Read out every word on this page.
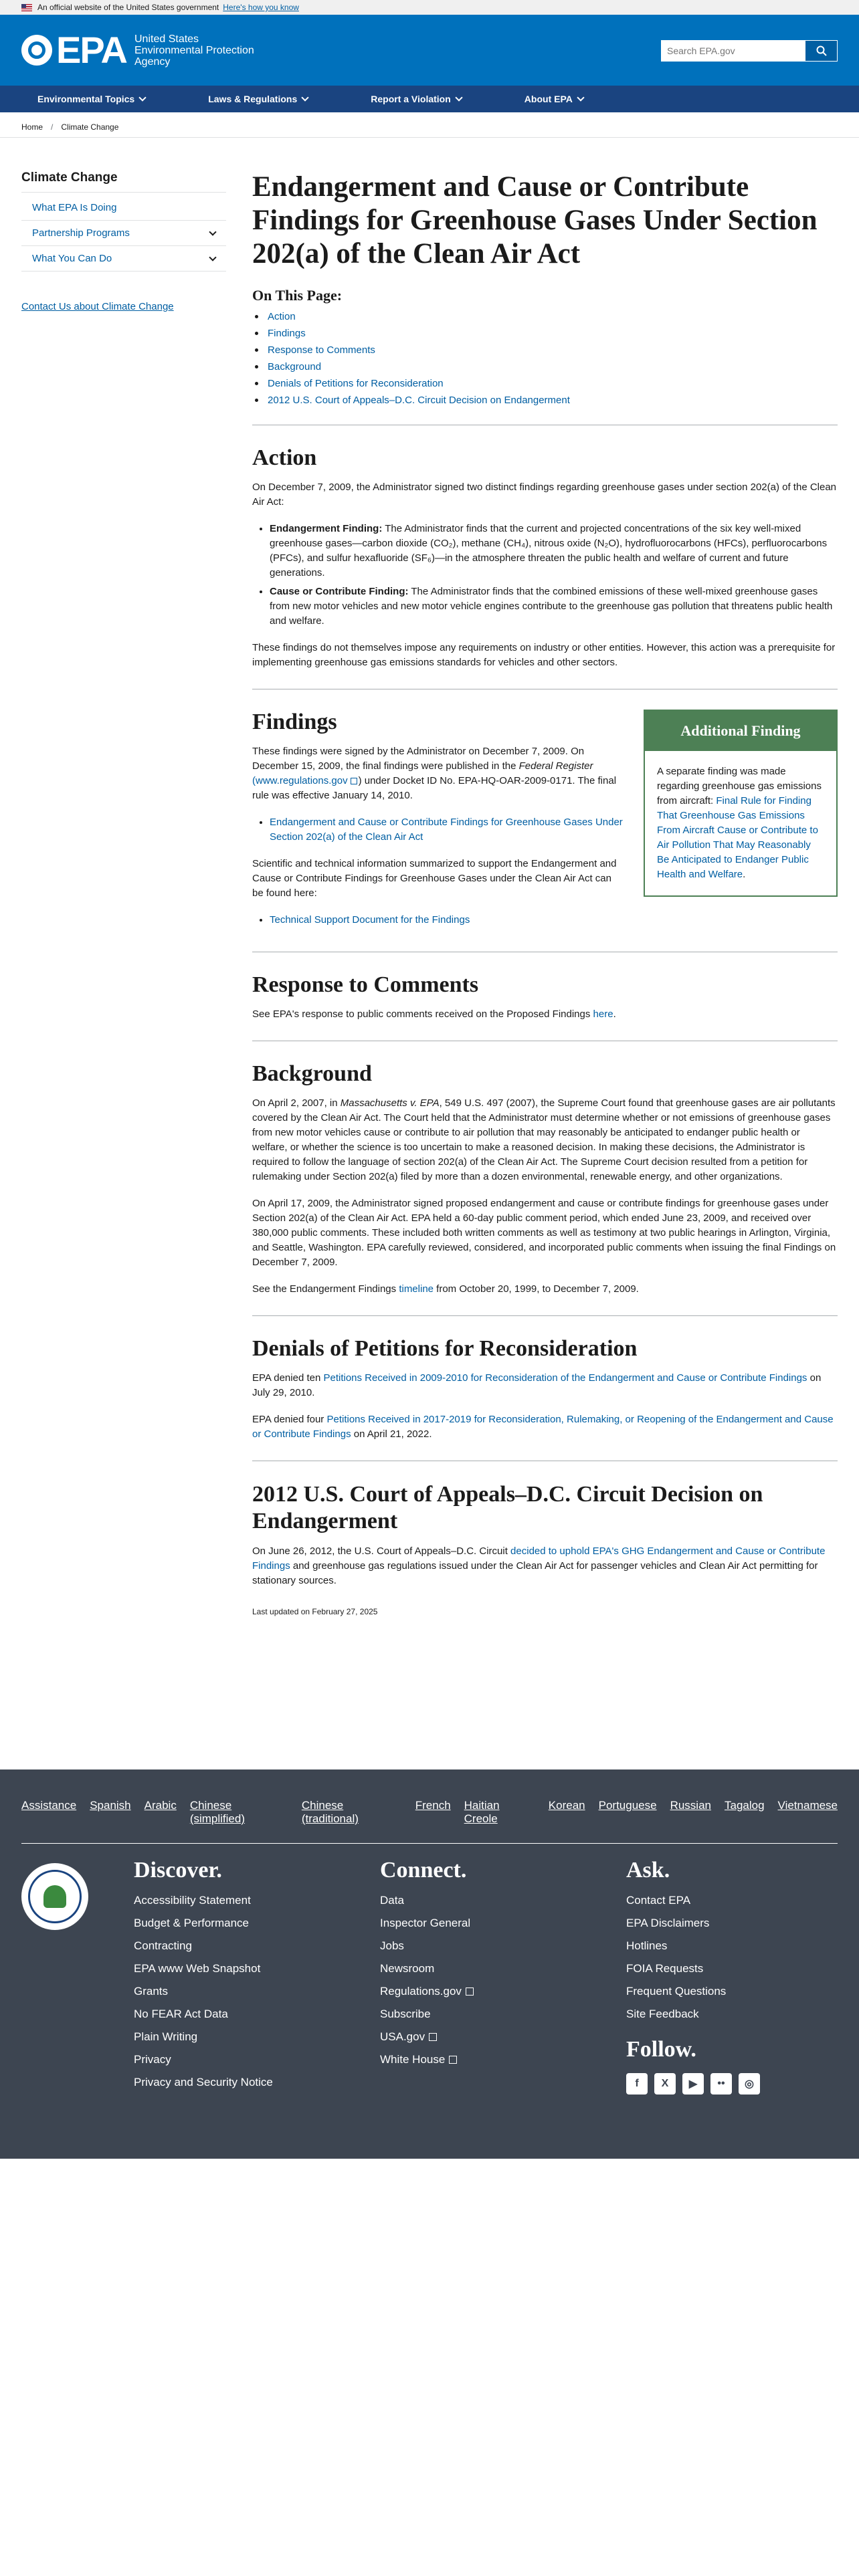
An official website of the United States government Here's how you know
EPA United States Environmental Protection Agency
Search EPA.gov
Environmental Topics	Laws & Regulations	Report a Violation	About EPA
Home / Climate Change
Climate Change
What EPA Is Doing
Partnership Programs
What You Can Do
Contact Us about Climate Change
Endangerment and Cause or Contribute Findings for Greenhouse Gases Under Section 202(a) of the Clean Air Act
On This Page:
Action
Findings
Response to Comments
Background
Denials of Petitions for Reconsideration
2012 U.S. Court of Appeals–D.C. Circuit Decision on Endangerment
Action

On December 7, 2009, the Administrator signed two distinct findings regarding greenhouse gases under section 202(a) of the Clean Air Act:

• Endangerment Finding: The Administrator finds that the current and projected concentrations of the six key well-mixed greenhouse gases—carbon dioxide (CO₂), methane (CH₄), nitrous oxide (N₂O), hydrofluorocarbons (HFCs), perfluorocarbons (PFCs), and sulfur hexafluoride (SF₆)—in the atmosphere threaten the public health and welfare of current and future generations.
• Cause or Contribute Finding: The Administrator finds that the combined emissions of these well-mixed greenhouse gases from new motor vehicles and new motor vehicle engines contribute to the greenhouse gas pollution that threatens public health and welfare.

These findings do not themselves impose any requirements on industry or other entities. However, this action was a prerequisite for implementing greenhouse gas emissions standards for vehicles and other sectors.

Findings

These findings were signed by the Administrator on December 7, 2009. On December 15, 2009, the final findings were published in the Federal Register (www.regulations.gov ) under Docket ID No. EPA-HQ-OAR-2009-0171. The final rule was effective January 14, 2010.

• Endangerment and Cause or Contribute Findings for Greenhouse Gases Under Section 202(a) of the Clean Air Act

Scientific and technical information summarized to support the Endangerment and Cause or Contribute Findings for Greenhouse Gases under the Clean Air Act can be found here:

• Technical Support Document for the Findings
Additional Finding
A separate finding was made regarding greenhouse gas emissions from aircraft: Final Rule for Finding That Greenhouse Gas Emissions From Aircraft Cause or Contribute to Air Pollution That May Reasonably Be Anticipated to Endanger Public Health and Welfare.
Response to Comments

See EPA's response to public comments received on the Proposed Findings here.

Background

On April 2, 2007, in Massachusetts v. EPA, 549 U.S. 497 (2007), the Supreme Court found that greenhouse gases are air pollutants covered by the Clean Air Act. The Court held that the Administrator must determine whether or not emissions of greenhouse gases from new motor vehicles cause or contribute to air pollution that may reasonably be anticipated to endanger public health or welfare, or whether the science is too uncertain to make a reasoned decision. In making these decisions, the Administrator is required to follow the language of section 202(a) of the Clean Air Act. The Supreme Court decision resulted from a petition for rulemaking under Section 202(a) filed by more than a dozen environmental, renewable energy, and other organizations.

On April 17, 2009, the Administrator signed proposed endangerment and cause or contribute findings for greenhouse gases under Section 202(a) of the Clean Air Act. EPA held a 60-day public comment period, which ended June 23, 2009, and received over 380,000 public comments. These included both written comments as well as testimony at two public hearings in Arlington, Virginia, and Seattle, Washington. EPA carefully reviewed, considered, and incorporated public comments when issuing the final Findings on December 7, 2009.

See the Endangerment Findings timeline from October 20, 1999, to December 7, 2009.

Denials of Petitions for Reconsideration

EPA denied ten Petitions Received in 2009-2010 for Reconsideration of the Endangerment and Cause or Contribute Findings on July 29, 2010.

EPA denied four Petitions Received in 2017-2019 for Reconsideration, Rulemaking, or Reopening of the Endangerment and Cause or Contribute Findings on April 21, 2022.

2012 U.S. Court of Appeals–D.C. Circuit Decision on Endangerment

On June 26, 2012, the U.S. Court of Appeals–D.C. Circuit decided to uphold EPA's GHG Endangerment and Cause or Contribute Findings and greenhouse gas regulations issued under the Clean Air Act for passenger vehicles and Clean Air Act permitting for stationary sources.

Last updated on February 27, 2025
Assistance Spanish Arabic Chinese (simplified)
Chinese (traditional)
French Haitian Creole
Korean Portuguese Russian Tagalog Vietnamese
Discover.
Accessibility Statement
Budget & Performance
Contracting
EPA www Web Snapshot
Grants
No FEAR Act Data
Plain Writing
Privacy
Privacy and Security Notice
Connect.
Data
Inspector General
Jobs
Newsroom
Regulations.gov
Subscribe
USA.gov
White House
Ask.
Contact EPA
EPA Disclaimers
Hotlines
FOIA Requests
Frequent Questions
Site Feedback
Follow.
f	X	▶	••	◎
